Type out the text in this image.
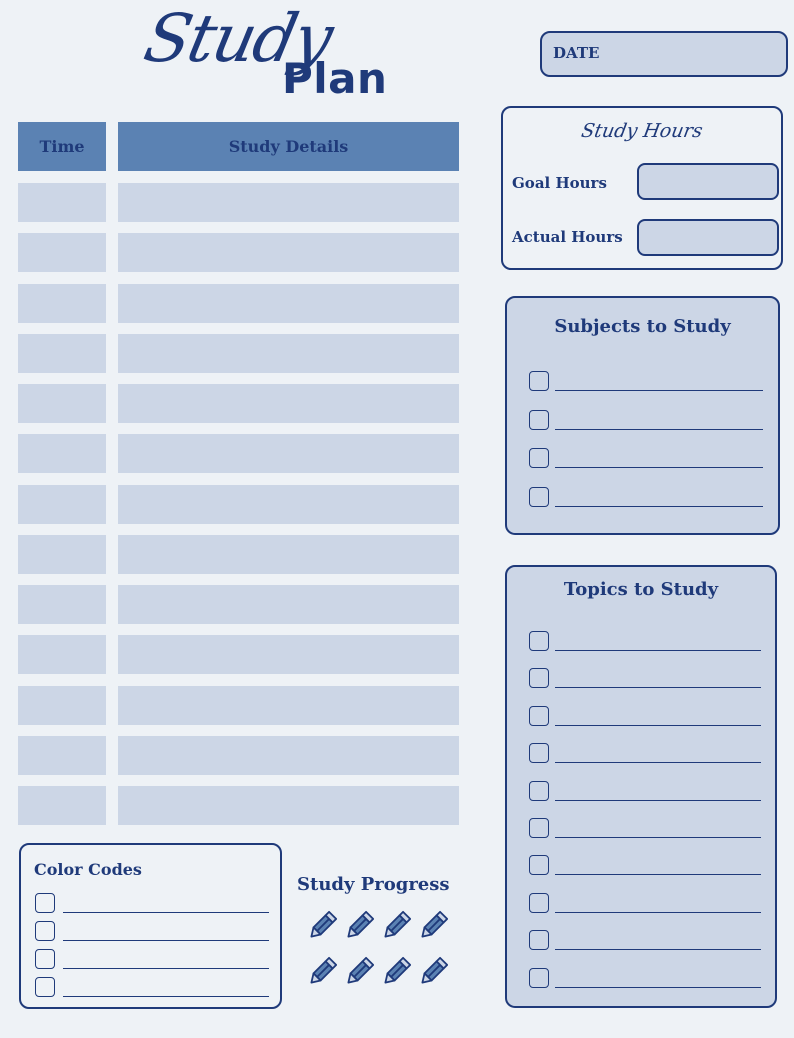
Study
Plan
Time	Study Details
DATE
Study Hours
Goal Hours
Actual Hours
Subjects to Study
Topics to Study
Color Codes
Study Progress
